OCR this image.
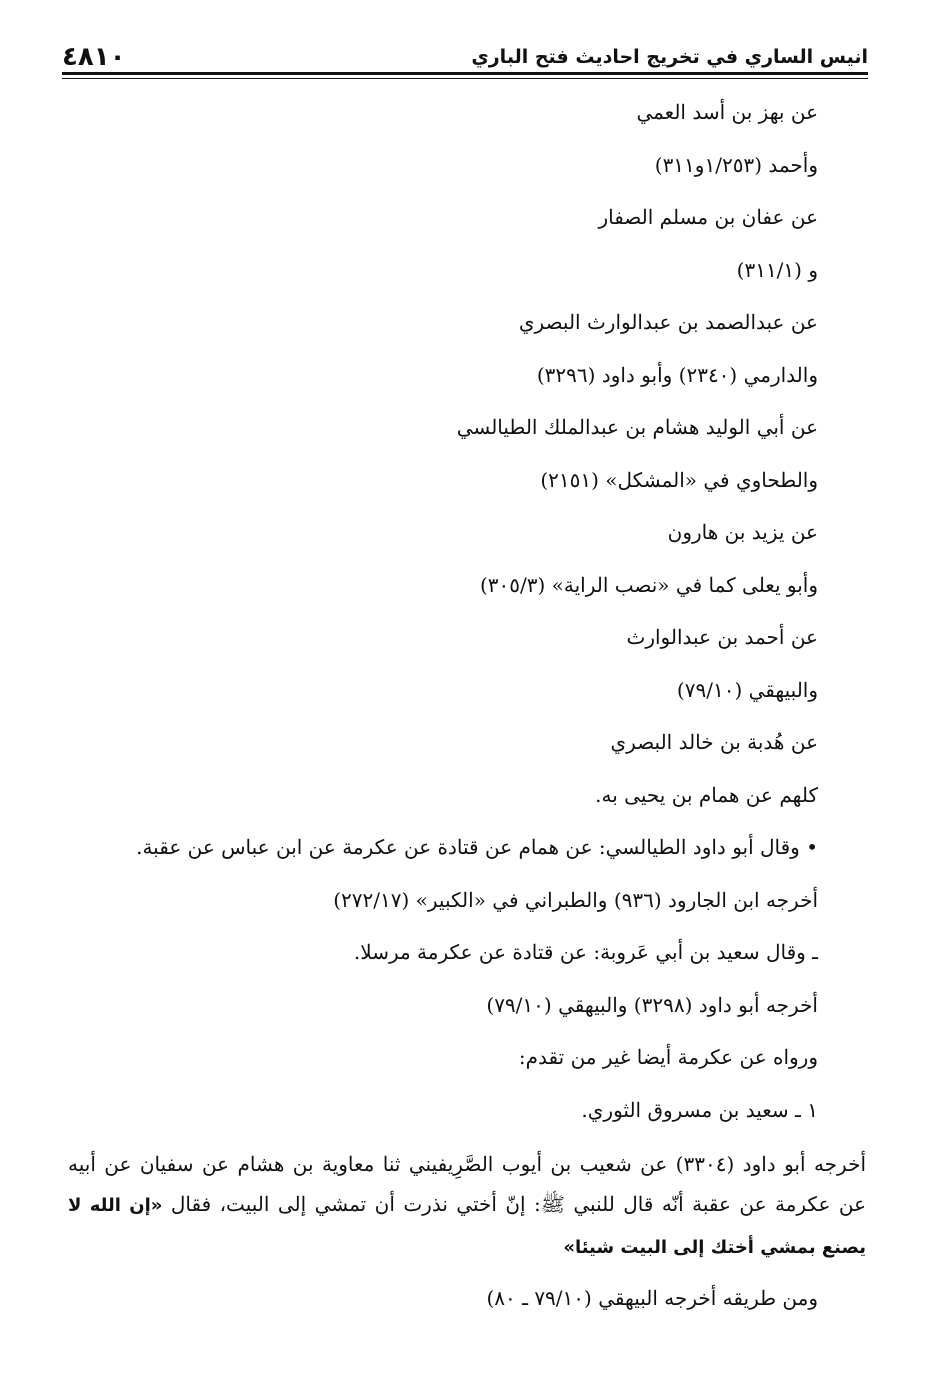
انيس الساري في تخريج احاديث فتح الباري
٤٨١٠
عن بهز بن أسد العمي
وأحمد (١/٢٥٣و٣١١)
عن عفان بن مسلم الصفار
و (٣١١/١)
عن عبدالصمد بن عبدالوارث البصري
والدارمي (٢٣٤٠) وأبو داود (٣٢٩٦)
عن أبي الوليد هشام بن عبدالملك الطيالسي
والطحاوي في «المشكل» (٢١٥١)
عن يزيد بن هارون
وأبو يعلى كما في «نصب الراية» (٣٠٥/٣)
عن أحمد بن عبدالوارث
والبيهقي (٧٩/١٠)
عن هُدبة بن خالد البصري
كلهم عن همام بن يحيى به.
• وقال أبو داود الطيالسي: عن همام عن قتادة عن عكرمة عن ابن عباس عن عقبة.
أخرجه ابن الجارود (٩٣٦) والطبراني في «الكبير» (٢٧٢/١٧)
ـ وقال سعيد بن أبي عَروبة: عن قتادة عن عكرمة مرسلا.
أخرجه أبو داود (٣٢٩٨) والبيهقي (٧٩/١٠)
ورواه عن عكرمة أيضا غير من تقدم:
١ ـ سعيد بن مسروق الثوري.
أخرجه أبو داود (٣٣٠٤) عن شعيب بن أيوب الصَّرِيفيني ثنا معاوية بن هشام عن سفيان عن أبيه عن عكرمة عن عقبة أنّه قال للنبي ﷺ: إنّ أختي نذرت أن تمشي إلى البيت، فقال «إن الله لا يصنع بمشي أختك إلى البيت شيئا»
ومن طريقه أخرجه البيهقي (٧٩/١٠ ـ ٨٠)
